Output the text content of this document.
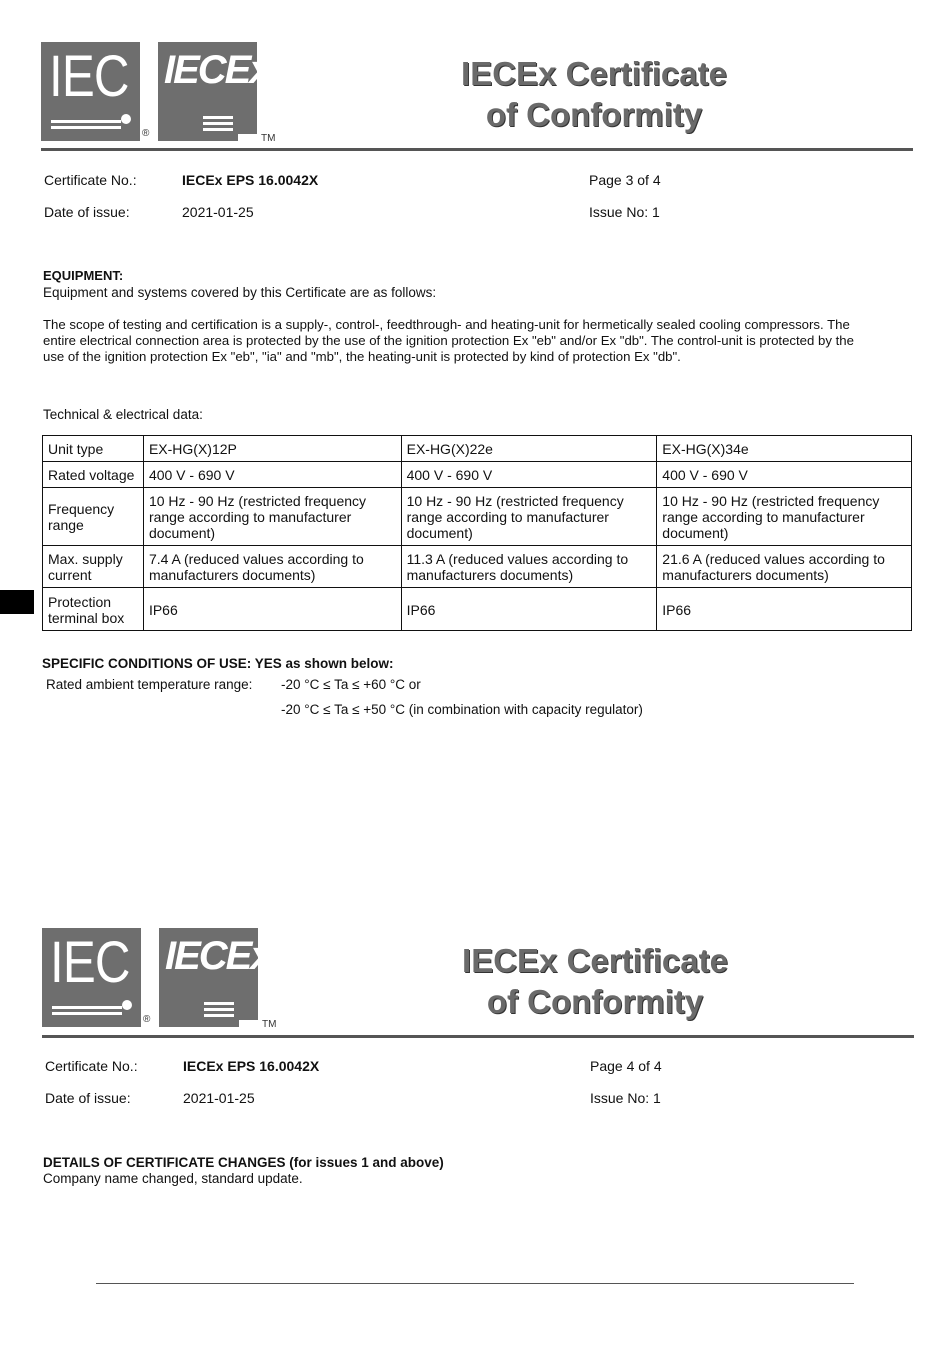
IEC
®
IECEx
TM
IECEx Certificate
of Conformity
Certificate No.:	IECEx EPS 16.0042X	Page 3 of 4
Date of issue:	2021-01-25	Issue No: 1
EQUIPMENT:
Equipment and systems covered by this Certificate are as follows:
The scope of testing and certification is a supply-, control-, feedthrough- and heating-unit for hermetically sealed cooling compressors. The
entire electrical connection area is protected by the use of the ignition protection Ex "eb" and/or Ex "db". The control-unit is protected by the
use of the ignition protection Ex "eb", "ia" and "mb", the heating-unit is protected by kind of protection Ex "db".
Technical & electrical data:
Unit type	EX-HG(X)12P	EX-HG(X)22e	EX-HG(X)34e
Rated voltage	400 V - 690 V	400 V - 690 V	400 V - 690 V
Frequency range	10 Hz - 90 Hz (restricted frequency range according to manufacturer document)	10 Hz - 90 Hz (restricted frequency range according to manufacturer document)	10 Hz - 90 Hz (restricted frequency range according to manufacturer document)
Max. supply current	7.4 A (reduced values according to manufacturers documents)	11.3 A (reduced values according to manufacturers documents)	21.6 A (reduced values according to manufacturers documents)
Protection terminal box	IP66	IP66	IP66
SPECIFIC CONDITIONS OF USE: YES as shown below:
Rated ambient temperature range: -20 °C ≤ Ta ≤ +60 °C or
-20 °C ≤ Ta ≤ +50 °C (in combination with capacity regulator)
IEC
®
IECEx
TM
IECEx Certificate
of Conformity
Certificate No.:	IECEx EPS 16.0042X	Page 4 of 4
Date of issue:	2021-01-25	Issue No: 1
DETAILS OF CERTIFICATE CHANGES (for issues 1 and above)
Company name changed, standard update.
